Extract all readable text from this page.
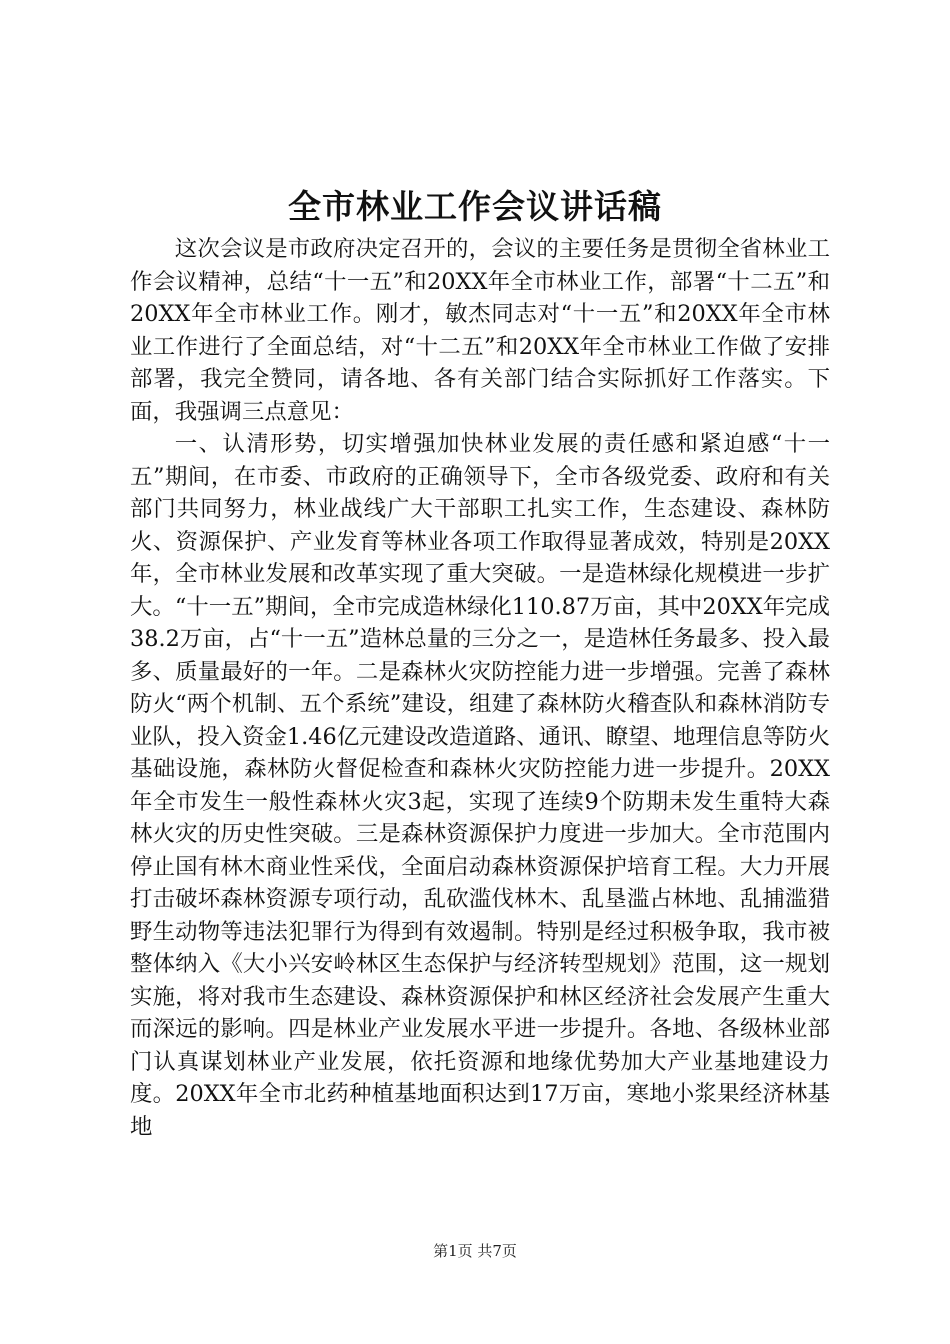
全市林业工作会议讲话稿

这次会议是市政府决定召开的，会议的主要任务是贯彻全省林业工作会议精神，总结“十一五”和20XX年全市林业工作，部署“十二五”和20XX年全市林业工作。刚才，敏杰同志对“十一五”和20XX年全市林业工作进行了全面总结，对“十二五”和20XX年全市林业工作做了安排部署，我完全赞同，请各地、各有关部门结合实际抓好工作落实。下面，我强调三点意见：

一、认清形势，切实增强加快林业发展的责任感和紧迫感“十一五”期间，在市委、市政府的正确领导下，全市各级党委、政府和有关部门共同努力，林业战线广大干部职工扎实工作，生态建设、森林防火、资源保护、产业发育等林业各项工作取得显著成效，特别是20XX年，全市林业发展和改革实现了重大突破。一是造林绿化规模进一步扩大。“十一五”期间，全市完成造林绿化110.87万亩，其中20XX年完成38.2万亩，占“十一五”造林总量的三分之一，是造林任务最多、投入最多、质量最好的一年。二是森林火灾防控能力进一步增强。完善了森林防火“两个机制、五个系统”建设，组建了森林防火稽查队和森林消防专业队，投入资金1.46亿元建设改造道路、通讯、瞭望、地理信息等防火基础设施，森林防火督促检查和森林火灾防控能力进一步提升。20XX年全市发生一般性森林火灾3起，实现了连续9个防期未发生重特大森林火灾的历史性突破。三是森林资源保护力度进一步加大。全市范围内停止国有林木商业性采伐，全面启动森林资源保护培育工程。大力开展打击破坏森林资源专项行动，乱砍滥伐林木、乱垦滥占林地、乱捕滥猎野生动物等违法犯罪行为得到有效遏制。特别是经过积极争取，我市被整体纳入《大小兴安岭林区生态保护与经济转型规划》范围，这一规划实施，将对我市生态建设、森林资源保护和林区经济社会发展产生重大而深远的影响。四是林业产业发展水平进一步提升。各地、各级林业部门认真谋划林业产业发展，依托资源和地缘优势加大产业基地建设力度。20XX年全市北药种植基地面积达到17万亩，寒地小浆果经济林基地

第1页 共7页
